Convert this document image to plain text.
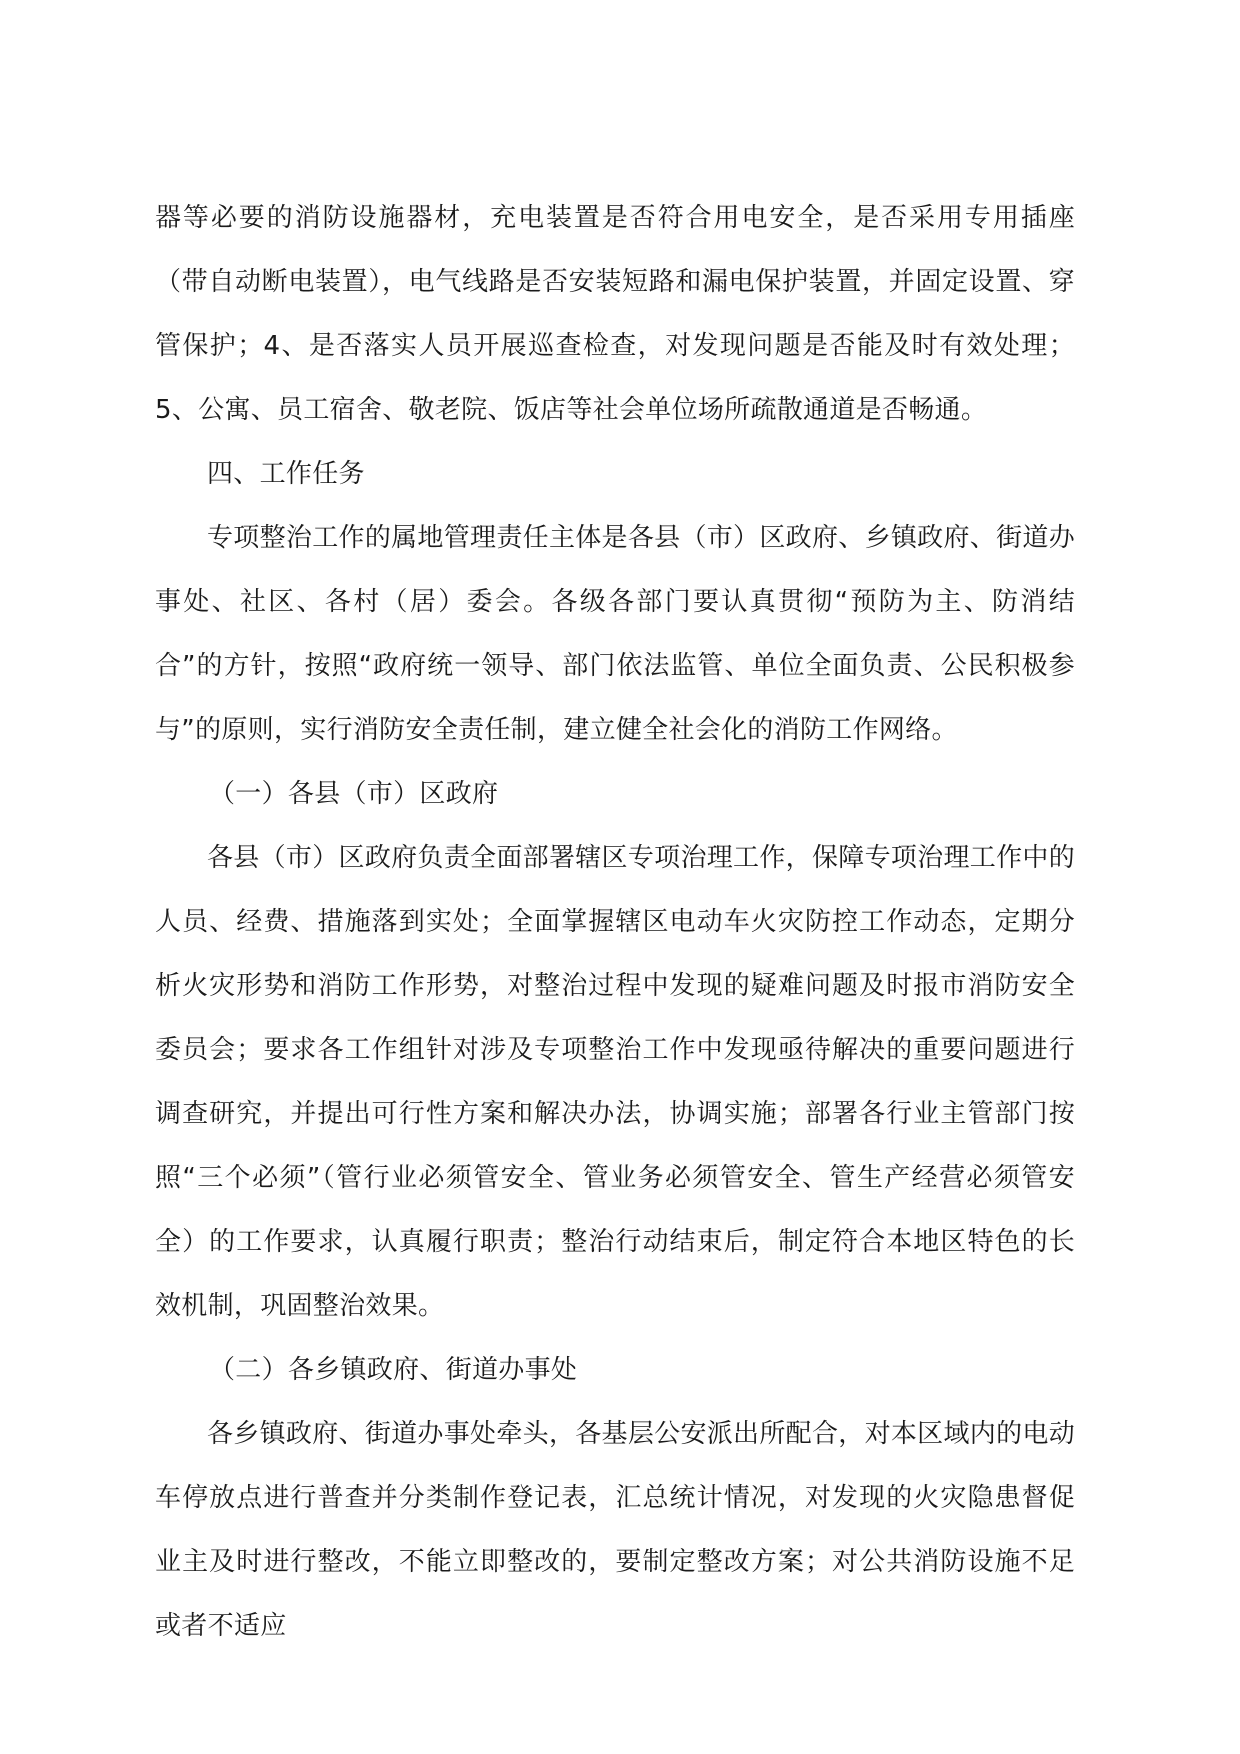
器等必要的消防设施器材，充电装置是否符合用电安全，是否采用专用插座（带自动断电装置），电气线路是否安装短路和漏电保护装置，并固定设置、穿管保护；4、是否落实人员开展巡查检查，对发现问题是否能及时有效处理；5、公寓、员工宿舍、敬老院、饭店等社会单位场所疏散通道是否畅通。

四、工作任务

专项整治工作的属地管理责任主体是各县（市）区政府、乡镇政府、街道办事处、社区、各村（居）委会。各级各部门要认真贯彻“预防为主、防消结合”的方针，按照“政府统一领导、部门依法监管、单位全面负责、公民积极参与”的原则，实行消防安全责任制，建立健全社会化的消防工作网络。

（一）各县（市）区政府

各县（市）区政府负责全面部署辖区专项治理工作，保障专项治理工作中的人员、经费、措施落到实处；全面掌握辖区电动车火灾防控工作动态，定期分析火灾形势和消防工作形势，对整治过程中发现的疑难问题及时报市消防安全委员会；要求各工作组针对涉及专项整治工作中发现亟待解决的重要问题进行调查研究，并提出可行性方案和解决办法，协调实施；部署各行业主管部门按照“三个必须”（管行业必须管安全、管业务必须管安全、管生产经营必须管安全）的工作要求，认真履行职责；整治行动结束后，制定符合本地区特色的长效机制，巩固整治效果。

（二）各乡镇政府、街道办事处

各乡镇政府、街道办事处牵头，各基层公安派出所配合，对本区域内的电动车停放点进行普查并分类制作登记表，汇总统计情况，对发现的火灾隐患督促业主及时进行整改，不能立即整改的，要制定整改方案；对公共消防设施不足或者不适应
